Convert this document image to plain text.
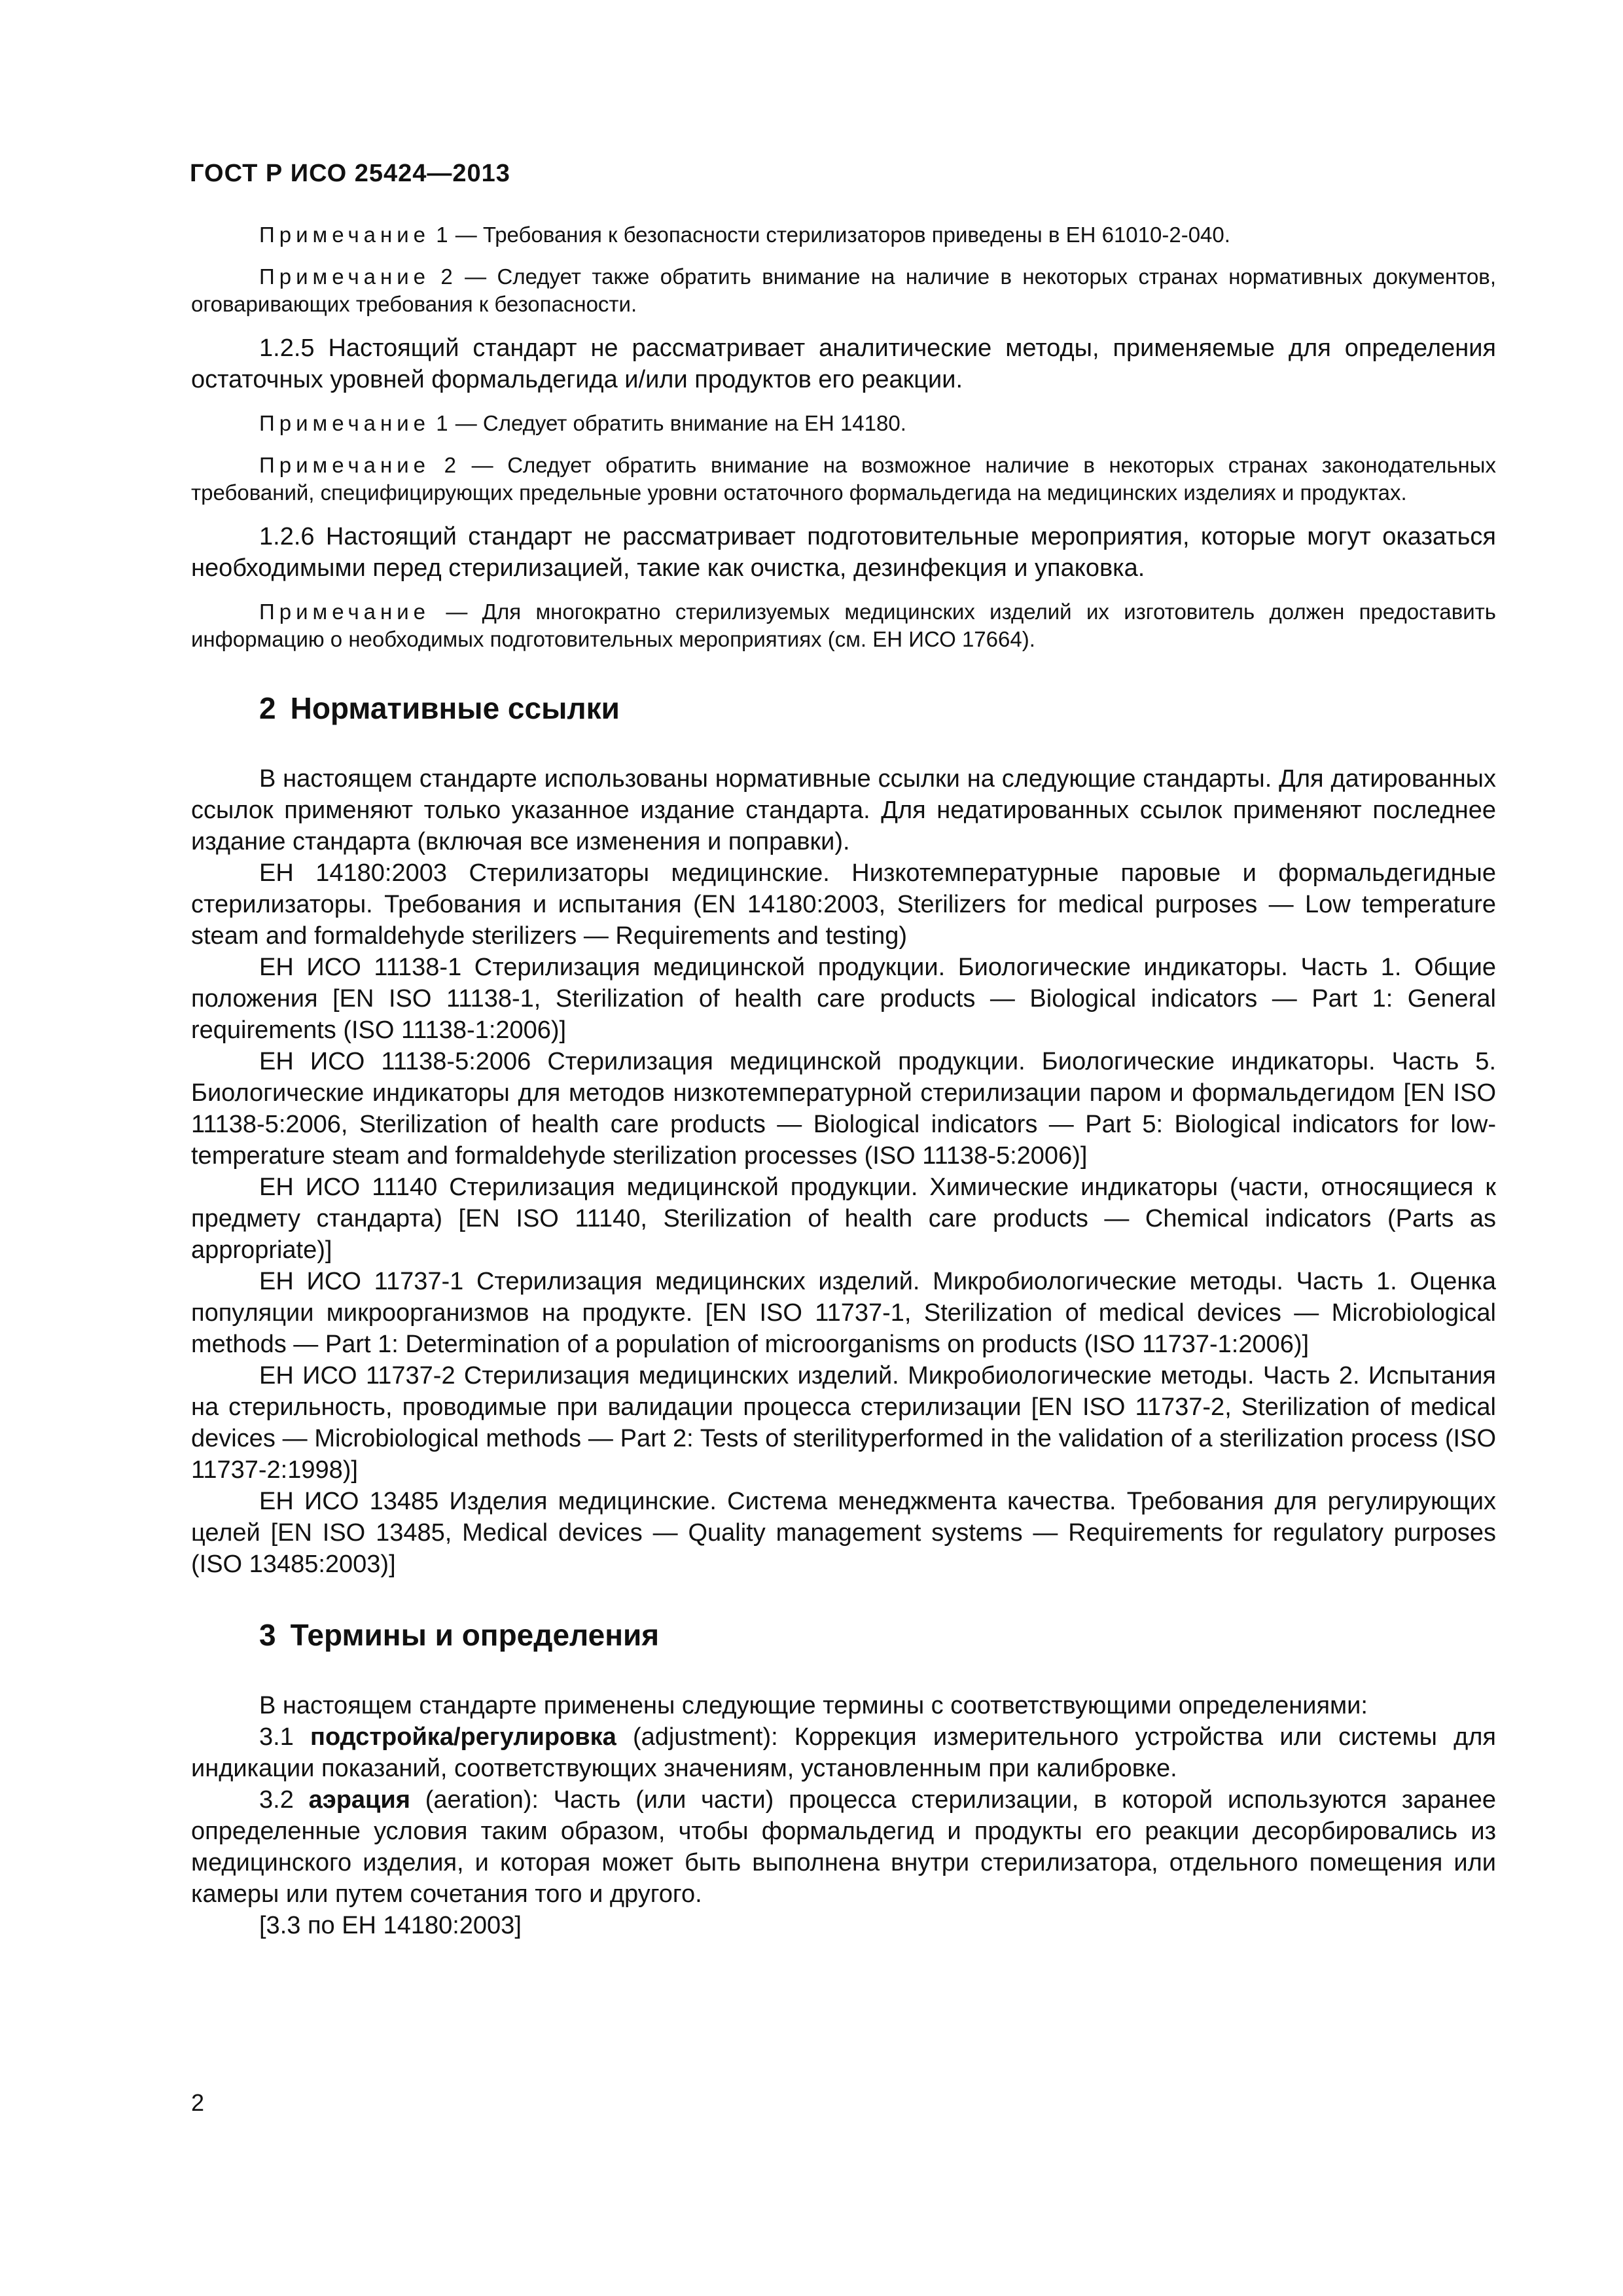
ГОСТ Р ИСО 25424—2013

Примечание 1 — Требования к безопасности стерилизаторов приведены в ЕН 61010-2-040.

Примечание 2 — Следует также обратить внимание на наличие в некоторых странах нормативных документов, оговаривающих требования к безопасности.

1.2.5 Настоящий стандарт не рассматривает аналитические методы, применяемые для определения остаточных уровней формальдегида и/или продуктов его реакции.

Примечание 1 — Следует обратить внимание на ЕН 14180.

Примечание 2 — Следует обратить внимание на возможное наличие в некоторых странах законодательных требований, специфицирующих предельные уровни остаточного формальдегида на медицинских изделиях и продуктах.

1.2.6 Настоящий стандарт не рассматривает подготовительные мероприятия, которые могут оказаться необходимыми перед стерилизацией, такие как очистка, дезинфекция и упаковка.

Примечание — Для многократно стерилизуемых медицинских изделий их изготовитель должен предоставить информацию о необходимых подготовительных мероприятиях (см. ЕН ИСО 17664).

2 Нормативные ссылки

В настоящем стандарте использованы нормативные ссылки на следующие стандарты. Для датированных ссылок применяют только указанное издание стандарта. Для недатированных ссылок применяют последнее издание стандарта (включая все изменения и поправки).

ЕН 14180:2003 Стерилизаторы медицинские. Низкотемпературные паровые и формальдегидные стерилизаторы. Требования и испытания (EN 14180:2003, Sterilizers for medical purposes — Low temperature steam and formaldehyde sterilizers — Requirements and testing)

ЕН ИСО 11138-1 Стерилизация медицинской продукции. Биологические индикаторы. Часть 1. Общие положения [EN ISO 11138-1, Sterilization of health care products — Biological indicators — Part 1: General requirements (ISO 11138-1:2006)]

ЕН ИСО 11138-5:2006 Стерилизация медицинской продукции. Биологические индикаторы. Часть 5. Биологические индикаторы для методов низкотемпературной стерилизации паром и формальдегидом [EN ISO 11138-5:2006, Sterilization of health care products — Biological indicators — Part 5: Biological indicators for low-temperature steam and formaldehyde sterilization processes (ISO 11138-5:2006)]

ЕН ИСО 11140 Стерилизация медицинской продукции. Химические индикаторы (части, относящиеся к предмету стандарта) [EN ISO 11140, Sterilization of health care products — Chemical indicators (Parts as appropriate)]

ЕН ИСО 11737-1 Стерилизация медицинских изделий. Микробиологические методы. Часть 1. Оценка популяции микроорганизмов на продукте. [EN ISO 11737-1, Sterilization of medical devices — Microbiological methods — Part 1: Determination of a population of microorganisms on products (ISO 11737-1:2006)]

ЕН ИСО 11737-2 Стерилизация медицинских изделий. Микробиологические методы. Часть 2. Испытания на стерильность, проводимые при валидации процесса стерилизации [EN ISO 11737-2, Sterilization of medical devices — Microbiological methods — Part 2: Tests of sterilityperformed in the validation of a sterilization process (ISO 11737-2:1998)]

ЕН ИСО 13485 Изделия медицинские. Система менеджмента качества. Требования для регулирующих целей [EN ISO 13485, Medical devices — Quality management systems — Requirements for regulatory purposes (ISO 13485:2003)]

3 Термины и определения

В настоящем стандарте применены следующие термины с соответствующими определениями:

3.1 подстройка/регулировка (adjustment): Коррекция измерительного устройства или системы для индикации показаний, соответствующих значениям, установленным при калибровке.

3.2 аэрация (aeration): Часть (или части) процесса стерилизации, в которой используются заранее определенные условия таким образом, чтобы формальдегид и продукты его реакции десорбировались из медицинского изделия, и которая может быть выполнена внутри стерилизатора, отдельного помещения или камеры или путем сочетания того и другого.

[3.3 по ЕН 14180:2003]

2
